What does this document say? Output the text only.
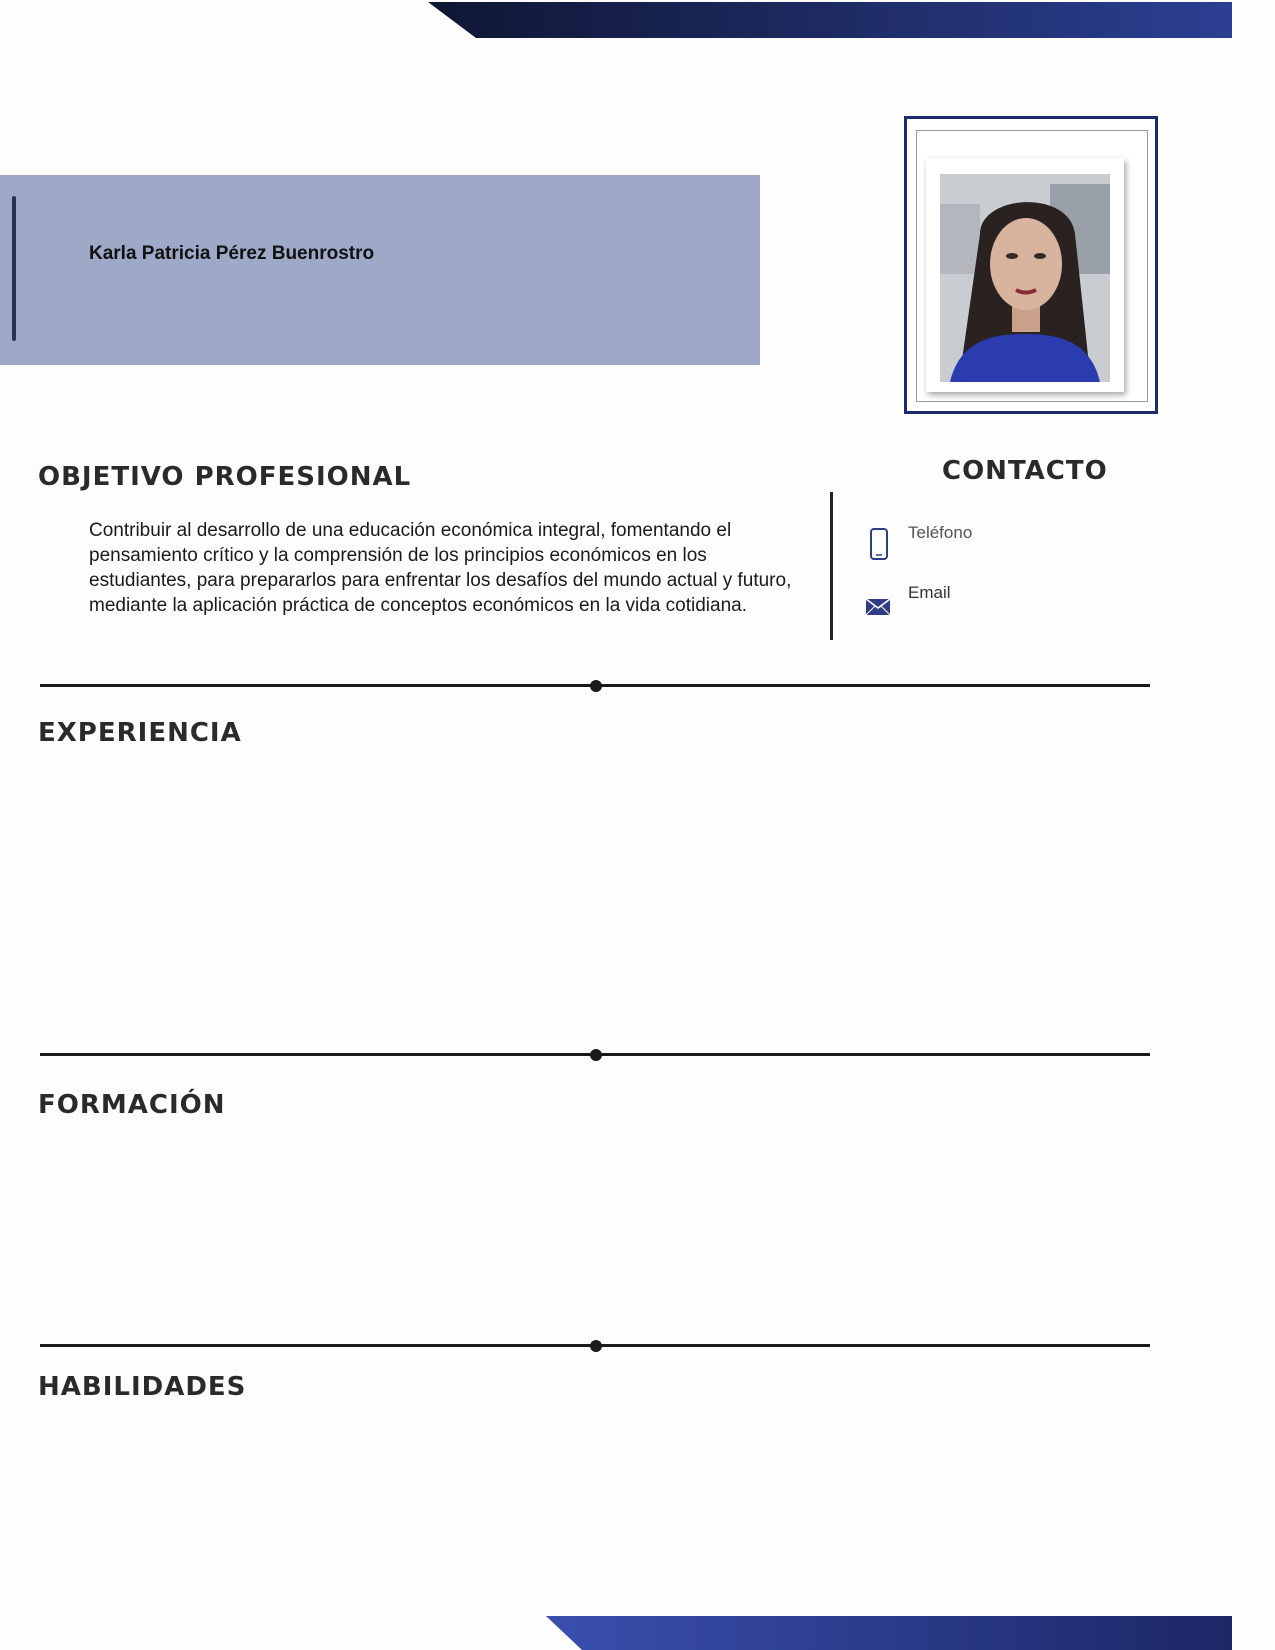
Karla Patricia Pérez Buenrostro
OBJETIVO PROFESIONAL
Contribuir al desarrollo de una educación económica integral, fomentando el pensamiento crítico y la comprensión de los principios económicos en los estudiantes, para prepararlos para enfrentar los desafíos del mundo actual y futuro, mediante la aplicación práctica de conceptos económicos en la vida cotidiana.
CONTACTO
Teléfono
Email
EXPERIENCIA
FORMACIÓN
HABILIDADES
